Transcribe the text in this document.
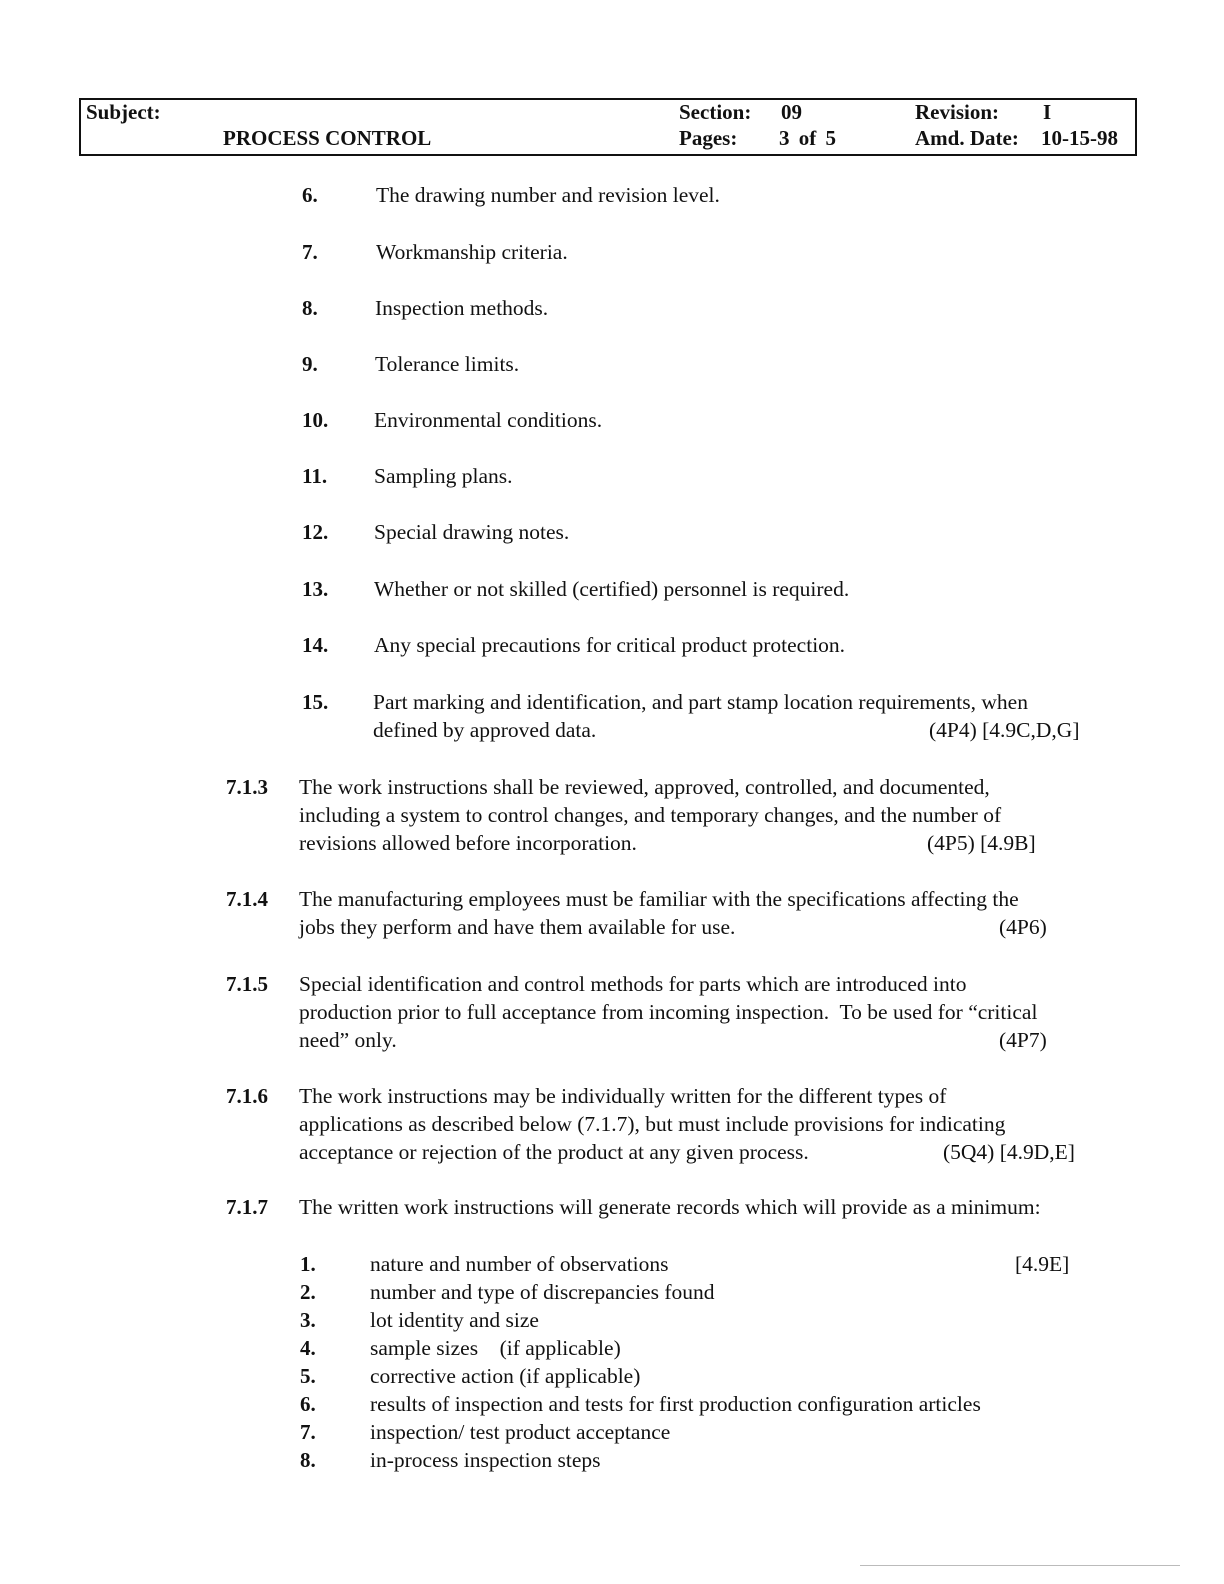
Subject:
PROCESS CONTROL
Section: 09
Pages: 3 of 5
Revision: I
Amd. Date: 10-15-98
6.	The drawing number and revision level.
7.	Workmanship criteria.
8.	Inspection methods.
9.	Tolerance limits.
10. Environmental conditions.
11. Sampling plans.
12. Special drawing notes.
13. Whether or not skilled (certified) personnel is required.
14. Any special precautions for critical product protection.
15. Part marking and identification, and part stamp location requirements, when
defined by approved data.	(4P4) [4.9C,D,G]
7.1.3 The work instructions shall be reviewed, approved, controlled, and documented,
including a system to control changes, and temporary changes, and the number of
revisions allowed before incorporation.	(4P5) [4.9B]
7.1.4 The manufacturing employees must be familiar with the specifications affecting the
jobs they perform and have them available for use.	(4P6)
7.1.5 Special identification and control methods for parts which are introduced into
production prior to full acceptance from incoming inspection.  To be used for “critical
need” only.	(4P7)
7.1.6 The work instructions may be individually written for the different types of
applications as described below (7.1.7), but must include provisions for indicating
acceptance or rejection of the product at any given process.	(5Q4) [4.9D,E]
7.1.7 The written work instructions will generate records which will provide as a minimum:
1.	nature and number of observations	[4.9E]
2.	number and type of discrepancies found
3.	lot identity and size
4.	sample sizes    (if applicable)
5.	corrective action (if applicable)
6.	results of inspection and tests for first production configuration articles
7.	inspection/ test product acceptance
8.	in-process inspection steps
